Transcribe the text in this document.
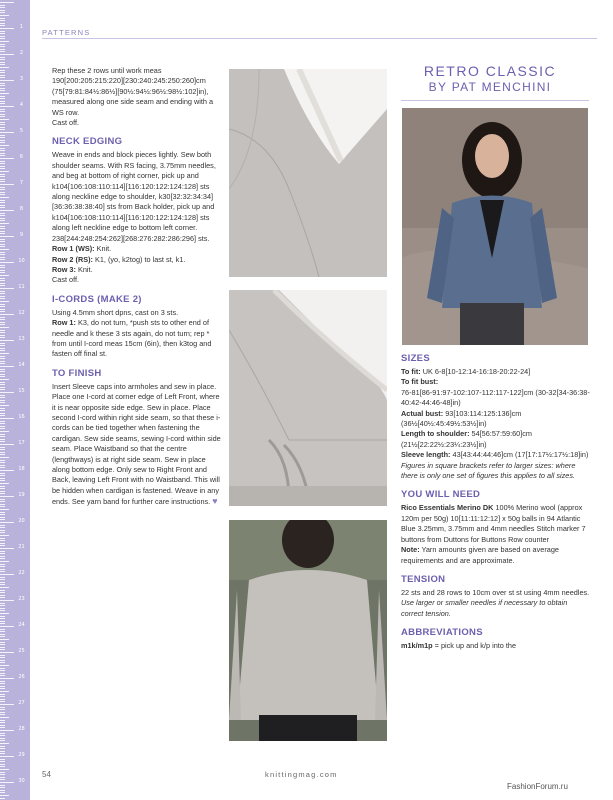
1
2
3
4
5
6
7
8
9
10
11
12
13
14
15
16
17
18
19
20
21
22
23
24
25
26
27
28
29
30
PATTERNS

Rep these 2 rows until work meas 190[200:205:215:220][230:240:245:250:260]cm (75[79:81:84½:86½][90½:94½:96½:98½:102]in), measured along one side seam and ending with a WS row.

Cast off.

NECK EDGING

Weave in ends and block pieces lightly. Sew both shoulder seams. With RS facing, 3.75mm needles, and beg at bottom of right corner, pick up and k104[106:108:110:114][116:120:122:124:128] sts along neckline edge to shoulder, k30[32:32:34:34][36:36:38:38:40] sts from Back holder, pick up and k104[106:108:110:114][116:120:122:124:128] sts along left neckline edge to bottom left corner. 238[244:248:254:262][268:276:282:286:296] sts.

Row 1 (WS): Knit.

Row 2 (RS): K1, (yo, k2tog) to last st, k1.

Row 3: Knit.

Cast off.

I-CORDS (MAKE 2)

Using 4.5mm short dpns, cast on 3 sts.

Row 1: K3, do not turn, *push sts to other end of needle and k these 3 sts again, do not turn; rep * from until I-cord meas 15cm (6in), then k3tog and fasten off final st.

TO FINISH

Insert Sleeve caps into armholes and sew in place. Place one I-cord at corner edge of Left Front, where it is near opposite side edge. Sew in place. Place second I-cord within right side seam, so that these i-cords can be tied together when fastening the cardigan. Sew side seams, sewing I-cord within side seam. Place Waistband so that the centre (lengthways) is at right side seam. Sew in place along bottom edge. Only sew to Right Front and Back, leaving Left Front with no Waistband. This will be hidden when cardigan is fastened. Weave in any ends. See yarn band for further care instructions. ♥

RETRO CLASSIC
BY PAT MENCHINI
SIZES

To fit: UK 6-8[10-12:14-16:18-20:22-24]

To fit bust:

76-81[86-91:97-102:107-112:117-122]cm (30-32[34-36:38-40:42-44:46-48]in)

Actual bust: 93[103:114:125:136]cm (36½[40½:45:49½:53½]in)

Length to shoulder: 54[56:57:59:60]cm (21½[22:22½:23¼:23½]in)

Sleeve length: 43[43:44:44:46]cm (17[17:17½:17½:18]in)

Figures in square brackets refer to larger sizes: where there is only one set of figures this applies to all sizes.

YOU WILL NEED

Rico Essentials Merino DK 100% Merino wool (approx 120m per 50g) 10[11:11:12:12] x 50g balls in 94 Atlantic Blue 3.25mm, 3.75mm and 4mm needles Stitch marker 7 buttons from Duttons for Buttons Row counter

Note: Yarn amounts given are based on average requirements and are approximate.

TENSION

22 sts and 28 rows to 10cm over st st using 4mm needles.

Use larger or smaller needles if necessary to obtain correct tension.

ABBREVIATIONS

m1k/m1p = pick up and k/p into the

54	knittingmag.com
FashionForum.ru
